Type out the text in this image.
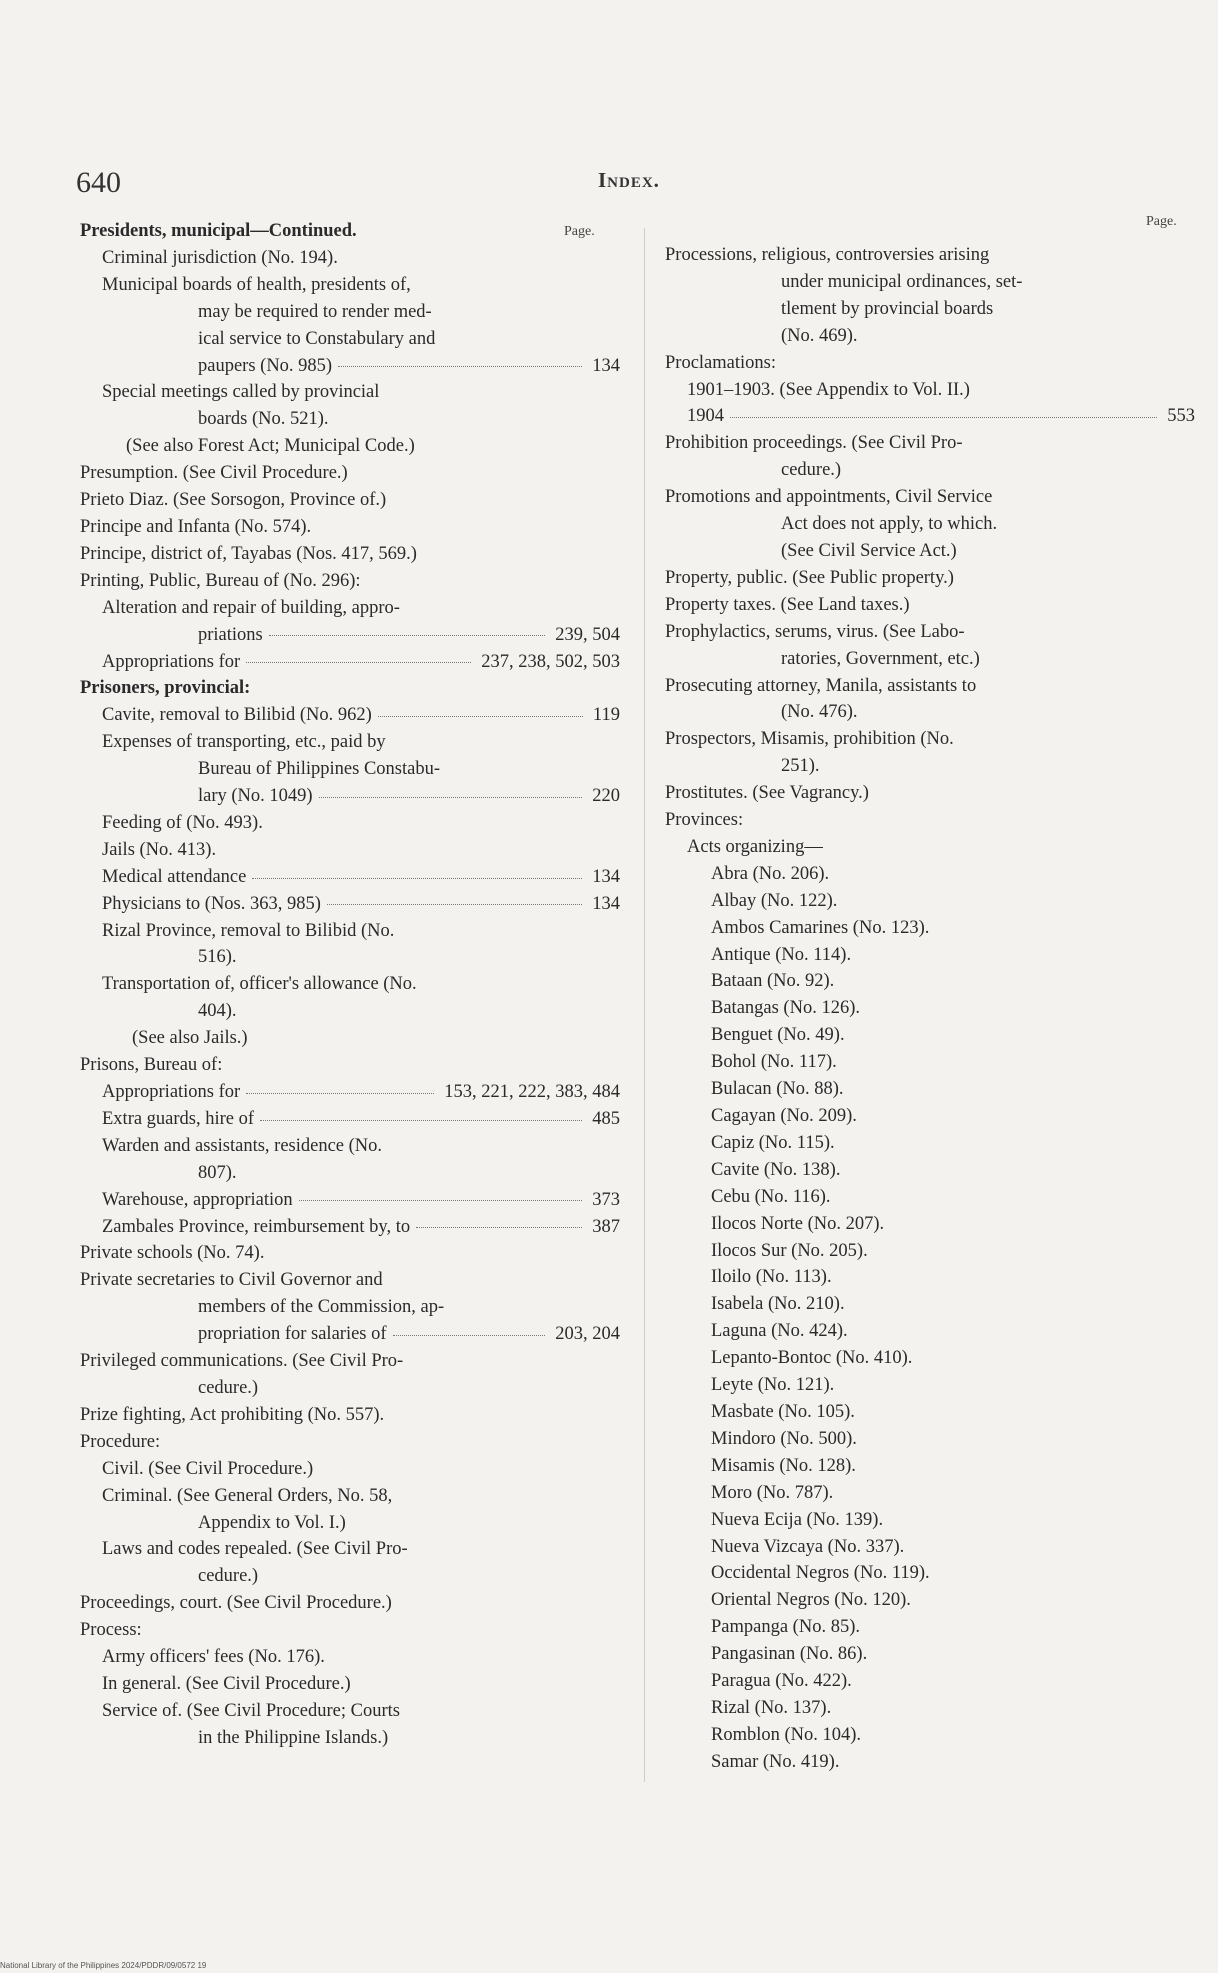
640	Index.
Page.
Page.
Presidents, municipal—Continued.
Criminal jurisdiction (No. 194).
Municipal boards of health, presidents of,
may be required to render med-
ical service to Constabulary and
paupers (No. 985)	134
Special meetings called by provincial
boards (No. 521).
(See also Forest Act; Municipal Code.)
Presumption. (See Civil Procedure.)
Prieto Diaz. (See Sorsogon, Province of.)
Principe and Infanta (No. 574).
Principe, district of, Tayabas (Nos. 417, 569.)
Printing, Public, Bureau of (No. 296):
Alteration and repair of building, appro-
priations	239, 504
Appropriations for	237, 238, 502, 503
Prisoners, provincial:
Cavite, removal to Bilibid (No. 962)	119
Expenses of transporting, etc., paid by
Bureau of Philippines Constabu-
lary (No. 1049)	220
Feeding of (No. 493).
Jails (No. 413).
Medical attendance	134
Physicians to (Nos. 363, 985)	134
Rizal Province, removal to Bilibid (No.
516).
Transportation of, officer's allowance (No.
404).
(See also Jails.)
Prisons, Bureau of:
Appropriations for	153, 221, 222, 383, 484
Extra guards, hire of	485
Warden and assistants, residence (No.
807).
Warehouse, appropriation	373
Zambales Province, reimbursement by, to	387
Private schools (No. 74).
Private secretaries to Civil Governor and
members of the Commission, ap-
propriation for salaries of	203, 204
Privileged communications. (See Civil Pro-
cedure.)
Prize fighting, Act prohibiting (No. 557).
Procedure:
Civil. (See Civil Procedure.)
Criminal. (See General Orders, No. 58,
Appendix to Vol. I.)
Laws and codes repealed. (See Civil Pro-
cedure.)
Proceedings, court. (See Civil Procedure.)
Process:
Army officers' fees (No. 176).
In general. (See Civil Procedure.)
Service of. (See Civil Procedure; Courts
in the Philippine Islands.)
Processions, religious, controversies arising
under municipal ordinances, set-
tlement by provincial boards
(No. 469).
Proclamations:
1901–1903. (See Appendix to Vol. II.)
1904	553
Prohibition proceedings. (See Civil Pro-
cedure.)
Promotions and appointments, Civil Service
Act does not apply, to which.
(See Civil Service Act.)
Property, public. (See Public property.)
Property taxes. (See Land taxes.)
Prophylactics, serums, virus. (See Labo-
ratories, Government, etc.)
Prosecuting attorney, Manila, assistants to
(No. 476).
Prospectors, Misamis, prohibition (No.
251).
Prostitutes. (See Vagrancy.)
Provinces:
Acts organizing—
Abra (No. 206).
Albay (No. 122).
Ambos Camarines (No. 123).
Antique (No. 114).
Bataan (No. 92).
Batangas (No. 126).
Benguet (No. 49).
Bohol (No. 117).
Bulacan (No. 88).
Cagayan (No. 209).
Capiz (No. 115).
Cavite (No. 138).
Cebu (No. 116).
Ilocos Norte (No. 207).
Ilocos Sur (No. 205).
Iloilo (No. 113).
Isabela (No. 210).
Laguna (No. 424).
Lepanto-Bontoc (No. 410).
Leyte (No. 121).
Masbate (No. 105).
Mindoro (No. 500).
Misamis (No. 128).
Moro (No. 787).
Nueva Ecija (No. 139).
Nueva Vizcaya (No. 337).
Occidental Negros (No. 119).
Oriental Negros (No. 120).
Pampanga (No. 85).
Pangasinan (No. 86).
Paragua (No. 422).
Rizal (No. 137).
Romblon (No. 104).
Samar (No. 419).
National Library of the Philippines 2024/PDDR/09/0572 19
